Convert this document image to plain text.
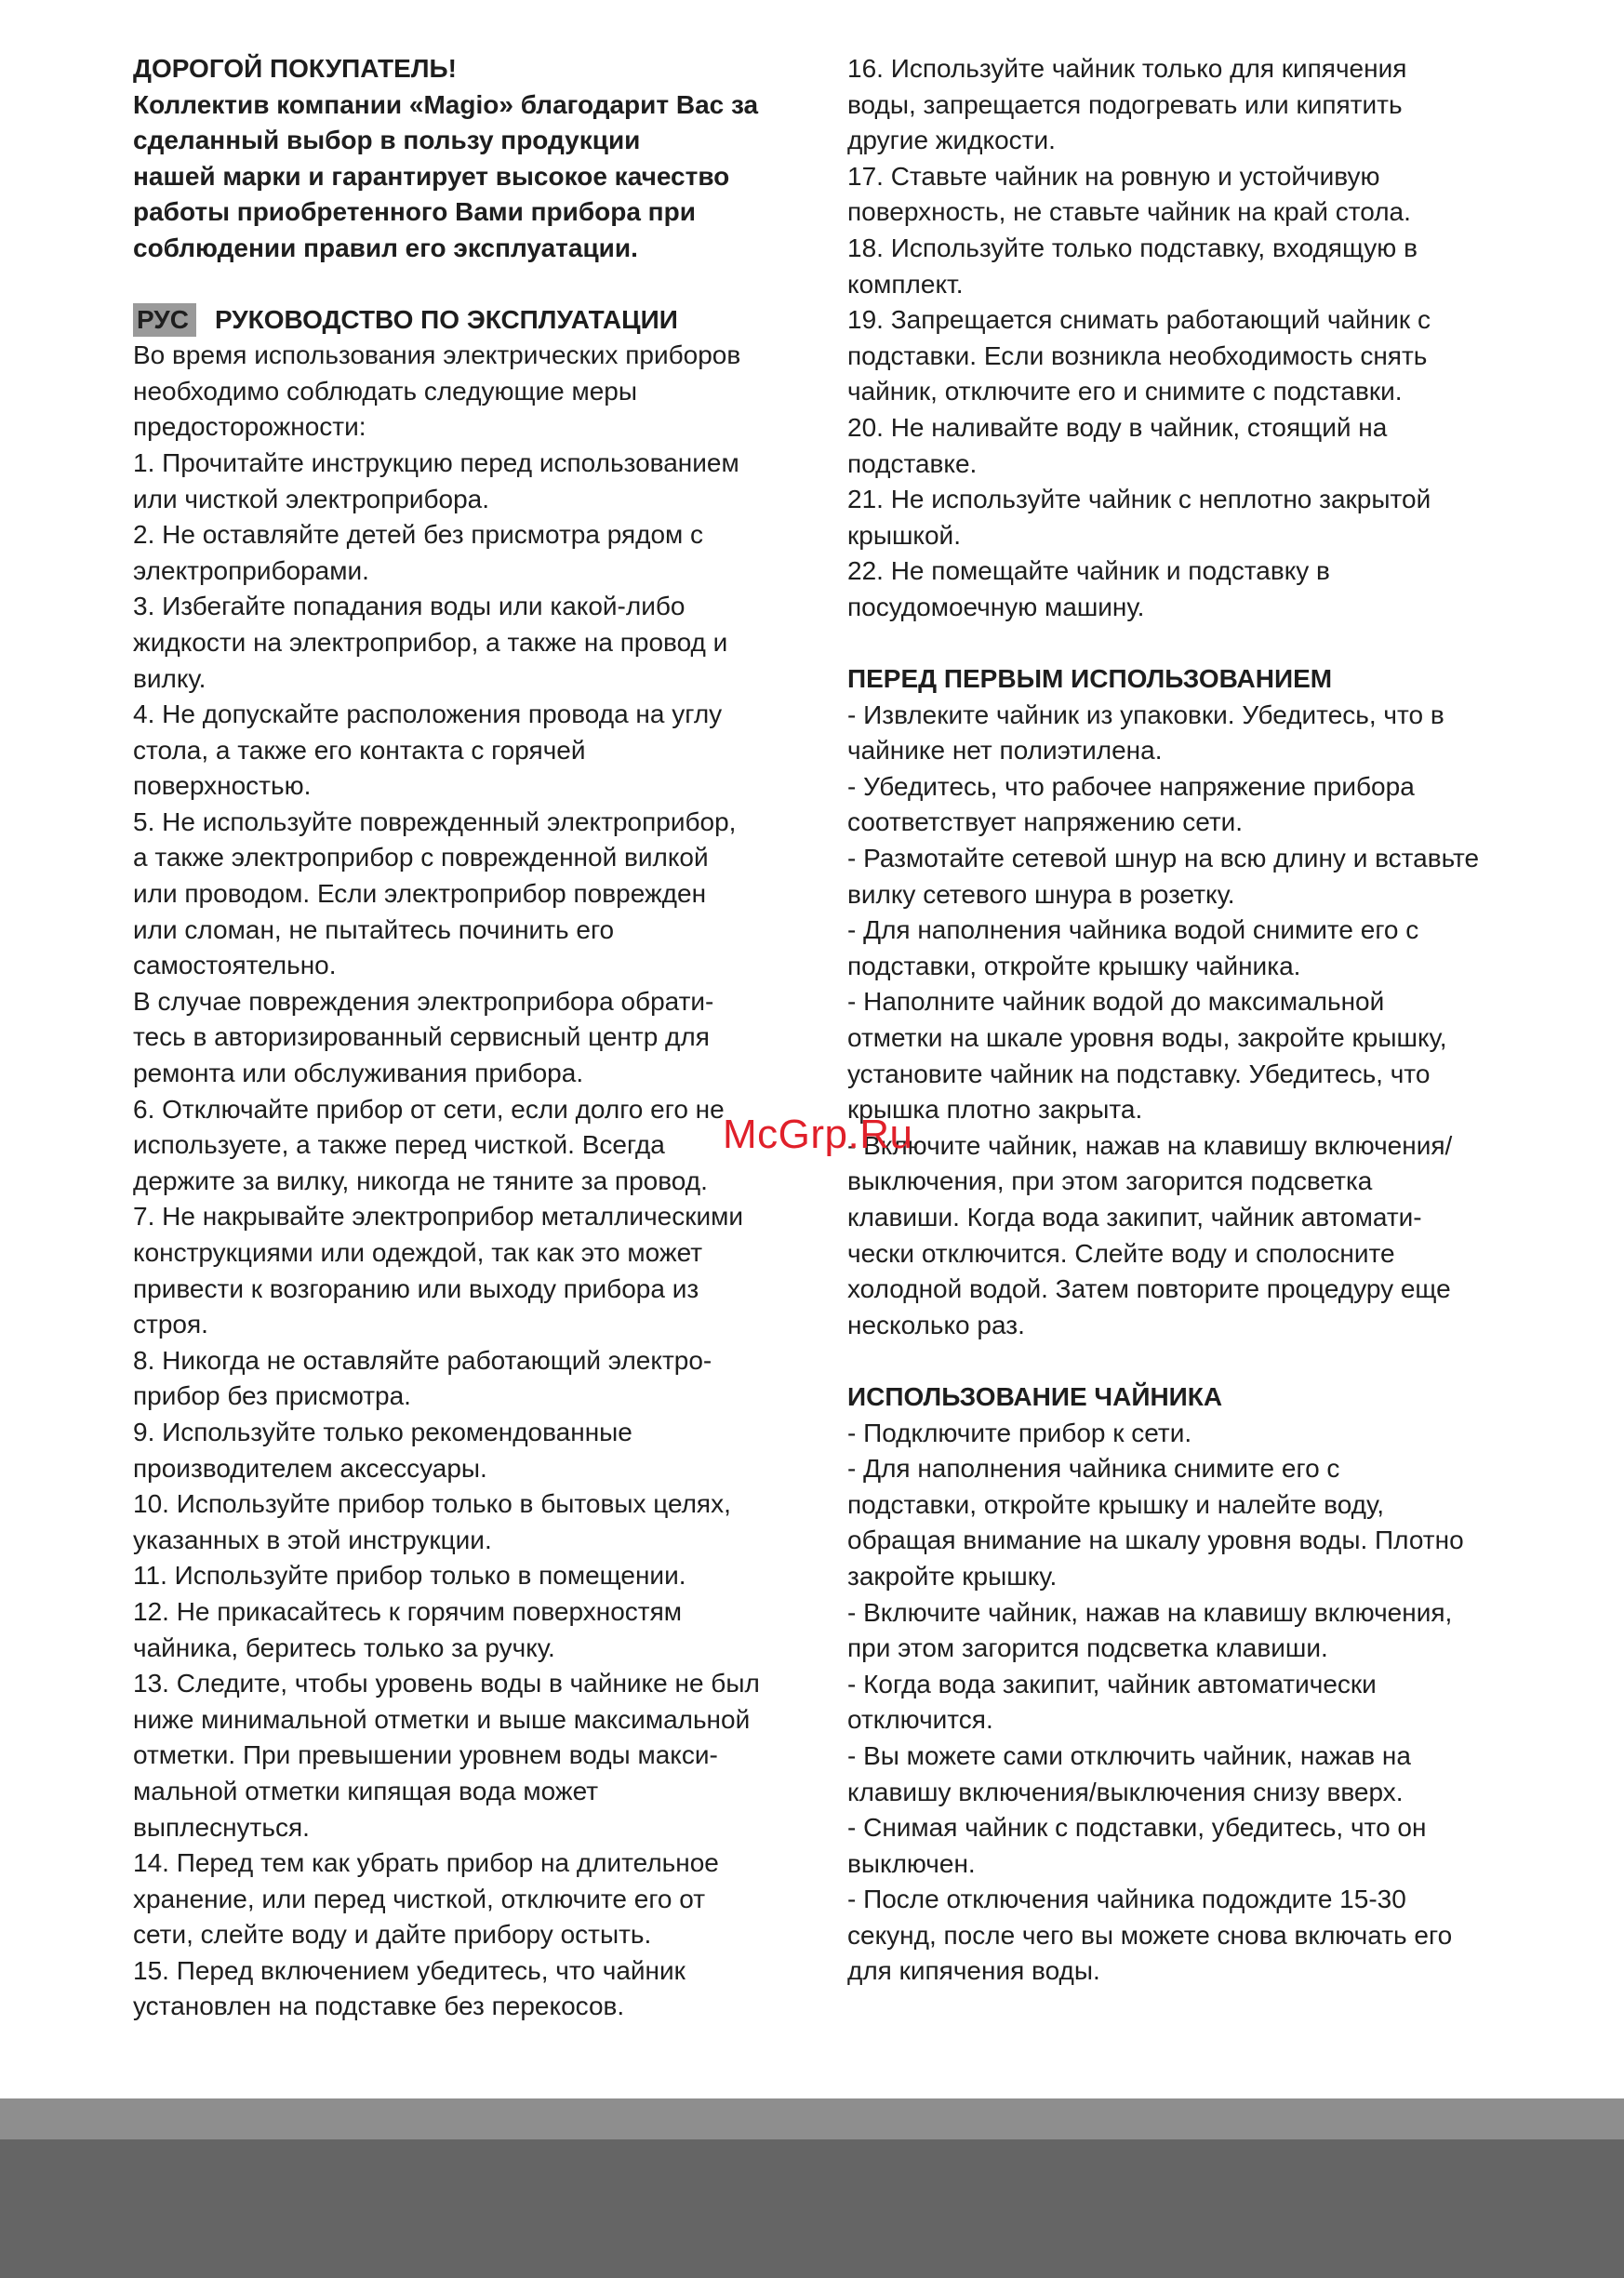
ДОРОГОЙ ПОКУПАТЕЛЬ!

Коллектив компании «Magio» благодарит Вас за
сделанный выбор в пользу продукции
нашей марки и гарантирует высокое качество
работы приобретенного Вами прибора при
соблюдении правил его эксплуатации.

РУС РУКОВОДСТВО ПО ЭКСПЛУАТАЦИИ

Во время использования электрических приборов
необходимо соблюдать следующие меры
предосторожности:

1. Прочитайте инструкцию перед использованием
или чисткой электроприбора.

2. Не оставляйте детей без присмотра рядом с
электроприборами.

3. Избегайте попадания воды или какой-либо
жидкости на электроприбор, а также на провод и
вилку.

4. Не допускайте расположения провода на углу
стола, а также его контакта с горячей
поверхностью.

5. Не используйте поврежденный электроприбор,
а также электроприбор с поврежденной вилкой
или проводом. Если электроприбор поврежден
или сломан, не пытайтесь починить его
самостоятельно.

В случае повреждения электроприбора обрати-
тесь в авторизированный сервисный центр для
ремонта или обслуживания прибора.

6. Отключайте прибор от сети, если долго его не
используете, а также перед чисткой. Всегда
держите за вилку, никогда не тяните за провод.

7. Не накрывайте электроприбор металлическими
конструкциями или одеждой, так как это может
привести к возгоранию или выходу прибора из
строя.

8. Никогда не оставляйте работающий электро-
прибор без присмотра.

9. Используйте только рекомендованные
производителем аксессуары.

10. Используйте прибор только в бытовых целях,
указанных в этой инструкции.

11. Используйте прибор только в помещении.

12. Не прикасайтесь к горячим поверхностям
чайника, беритесь только за ручку.

13. Следите, чтобы уровень воды в чайнике не был
ниже минимальной отметки и выше максимальной
отметки. При превышении уровнем воды макси-
мальной отметки кипящая вода может
выплеснуться.

14. Перед тем как убрать прибор на длительное
хранение, или перед чисткой, отключите его от
сети, слейте воду и дайте прибору остыть.

15. Перед включением убедитесь, что чайник
установлен на подставке без перекосов.

16. Используйте чайник только для кипячения
воды, запрещается подогревать или кипятить
другие жидкости.

17. Ставьте чайник на ровную и устойчивую
поверхность, не ставьте чайник на край стола.

18. Используйте только подставку, входящую в
комплект.

19. Запрещается снимать работающий чайник с
подставки. Если возникла необходимость снять
чайник, отключите его и снимите с подставки.

20. Не наливайте воду в чайник, стоящий на
подставке.

21. Не используйте чайник с неплотно закрытой
крышкой.

22. Не помещайте чайник и подставку в
посудомоечную машину.

ПЕРЕД ПЕРВЫМ ИСПОЛЬЗОВАНИЕМ

- Извлеките чайник из упаковки. Убедитесь, что в
чайнике нет полиэтилена.

- Убедитесь, что рабочее напряжение прибора
соответствует напряжению сети.

- Размотайте сетевой шнур на всю длину и вставьте
вилку сетевого шнура в розетку.

- Для наполнения чайника водой снимите его с
подставки, откройте крышку чайника.

- Наполните чайник водой до максимальной
отметки на шкале уровня воды, закройте крышку,
установите чайник на подставку. Убедитесь, что
крышка плотно закрыта.

- Включите чайник, нажав на клавишу включения/
выключения, при этом загорится подсветка
клавиши. Когда вода закипит, чайник автомати-
чески отключится. Слейте воду и сполосните
холодной водой. Затем повторите процедуру еще
несколько раз.

ИСПОЛЬЗОВАНИЕ ЧАЙНИКА

- Подключите прибор к сети.

- Для наполнения чайника снимите его с
подставки, откройте крышку и налейте воду,
обращая внимание на шкалу уровня воды. Плотно
закройте крышку.

- Включите чайник, нажав на клавишу включения,
при этом загорится подсветка клавиши.

- Когда вода закипит, чайник автоматически
отключится.

- Вы можете сами отключить чайник, нажав на
клавишу включения/выключения снизу вверх.

- Снимая чайник с подставки, убедитесь, что он
выключен.

- После отключения чайника подождите 15-30
секунд, после чего вы можете снова включать его
для кипячения воды.

McGrp.Ru
